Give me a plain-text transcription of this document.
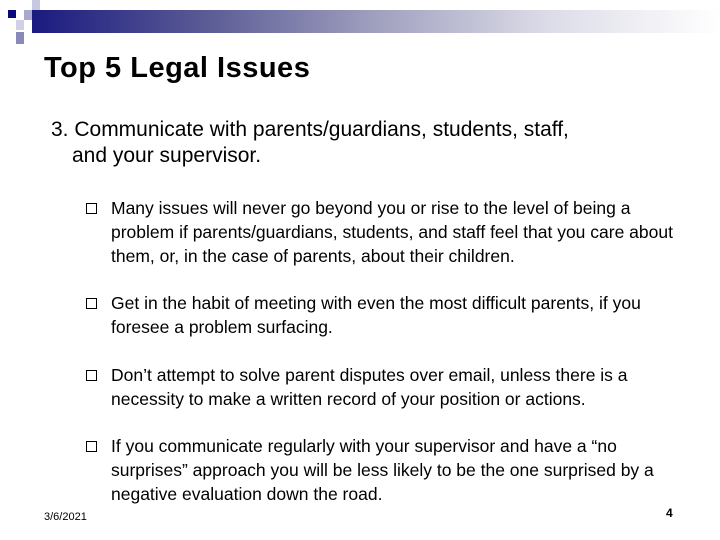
Top 5 Legal Issues
3. Communicate with parents/guardians, students, staff,
and your supervisor.
Many issues will never go beyond you or rise to the level of being a problem if parents/guardians, students, and staff feel that you care about them, or, in the case of parents, about their children.
Get in the habit of meeting with even the most difficult parents, if you foresee a problem surfacing.
Don’t attempt to solve parent disputes over email, unless there is a necessity to make a written record of your position or actions.
If you communicate regularly with your supervisor and have a “no surprises” approach you will be less likely to be the one surprised by a negative evaluation down the road.
3/6/2021	4
